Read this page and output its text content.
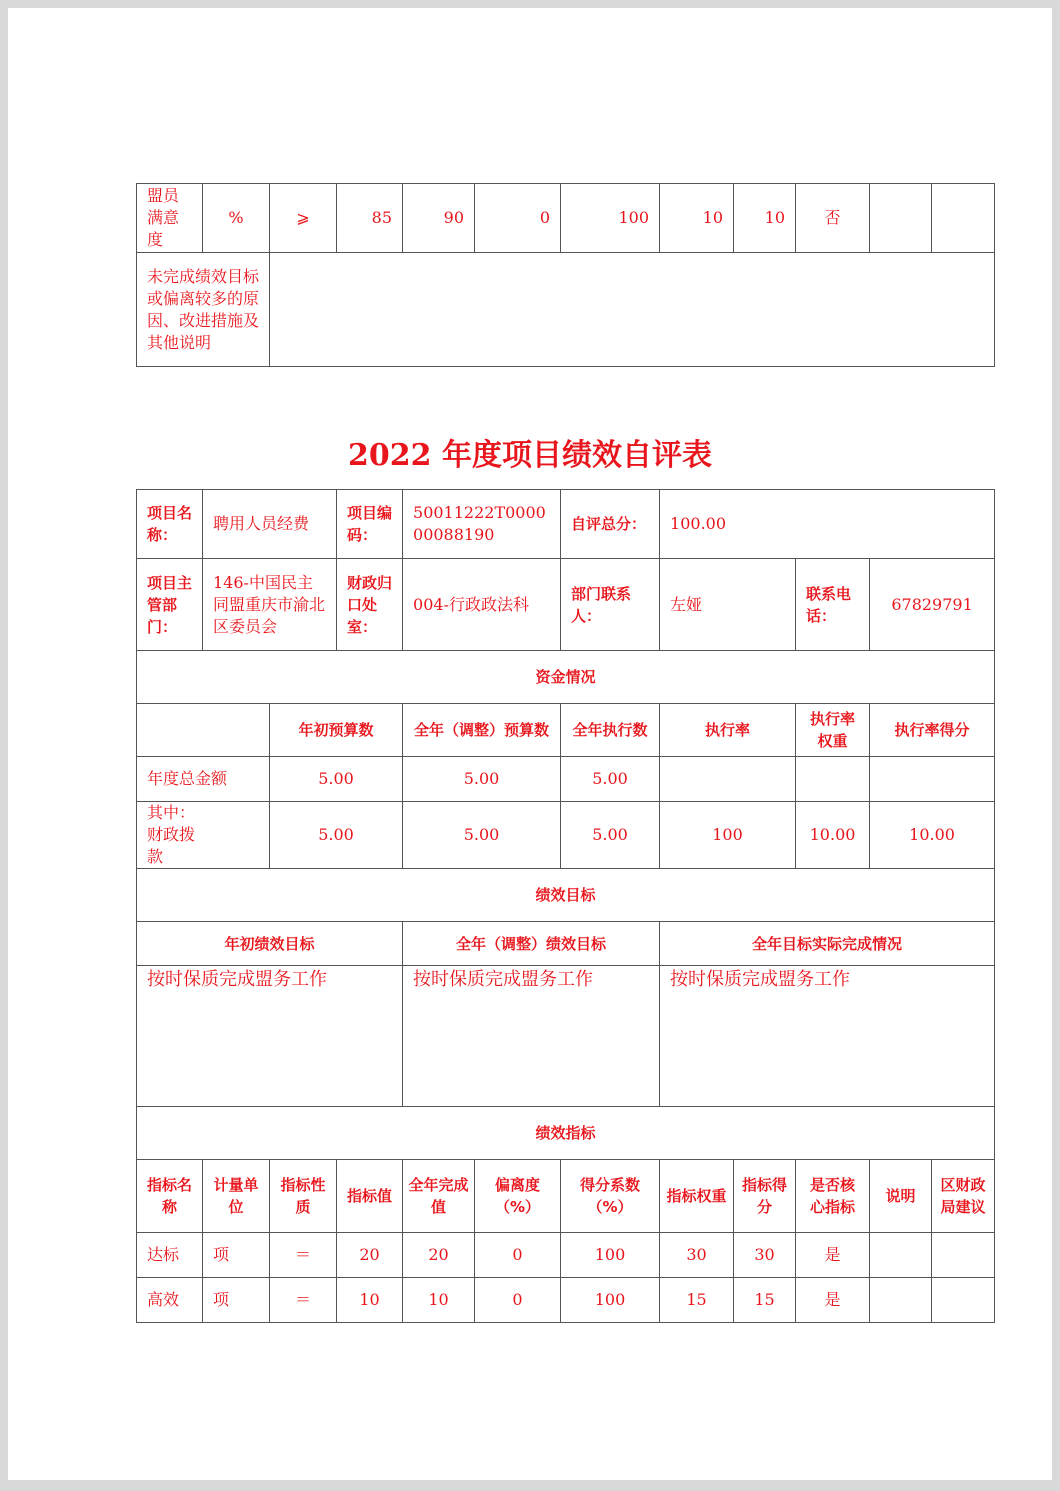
盟员满意度	%	⩾	85	90	0	100	10	10	否		
未完成绩效目标或偏离较多的原因、改进措施及其他说明											
2022 年度项目绩效自评表
项目名称：	聘用人员经费		项目编码：	50011222T000000088190		自评总分：	100.00				
项目主管部门：	146-中国民主同盟重庆市渝北区委员会		财政归口处室：	004-行政政法科		部门联系人：	左娅		联系电话：	67829791	
资金情况											
		年初预算数		全年（调整）预算数		全年执行数	执行率		执行率权重	执行率得分	
年度总金额		5.00		5.00		5.00					
其中：财政拨款		5.00		5.00		5.00	100		10.00	10.00	
绩效目标											
年初绩效目标				全年（调整）绩效目标			全年目标实际完成情况				
按时保质完成盟务工作				按时保质完成盟务工作			按时保质完成盟务工作				
绩效指标											
指标名称	计量单位	指标性质	指标值	全年完成值	偏离度（%）	得分系数（%）	指标权重	指标得分	是否核心指标	说明	区财政局建议
达标	项	＝	20	20	0	100	30	30	是		
高效	项	＝	10	10	0	100	15	15	是		
